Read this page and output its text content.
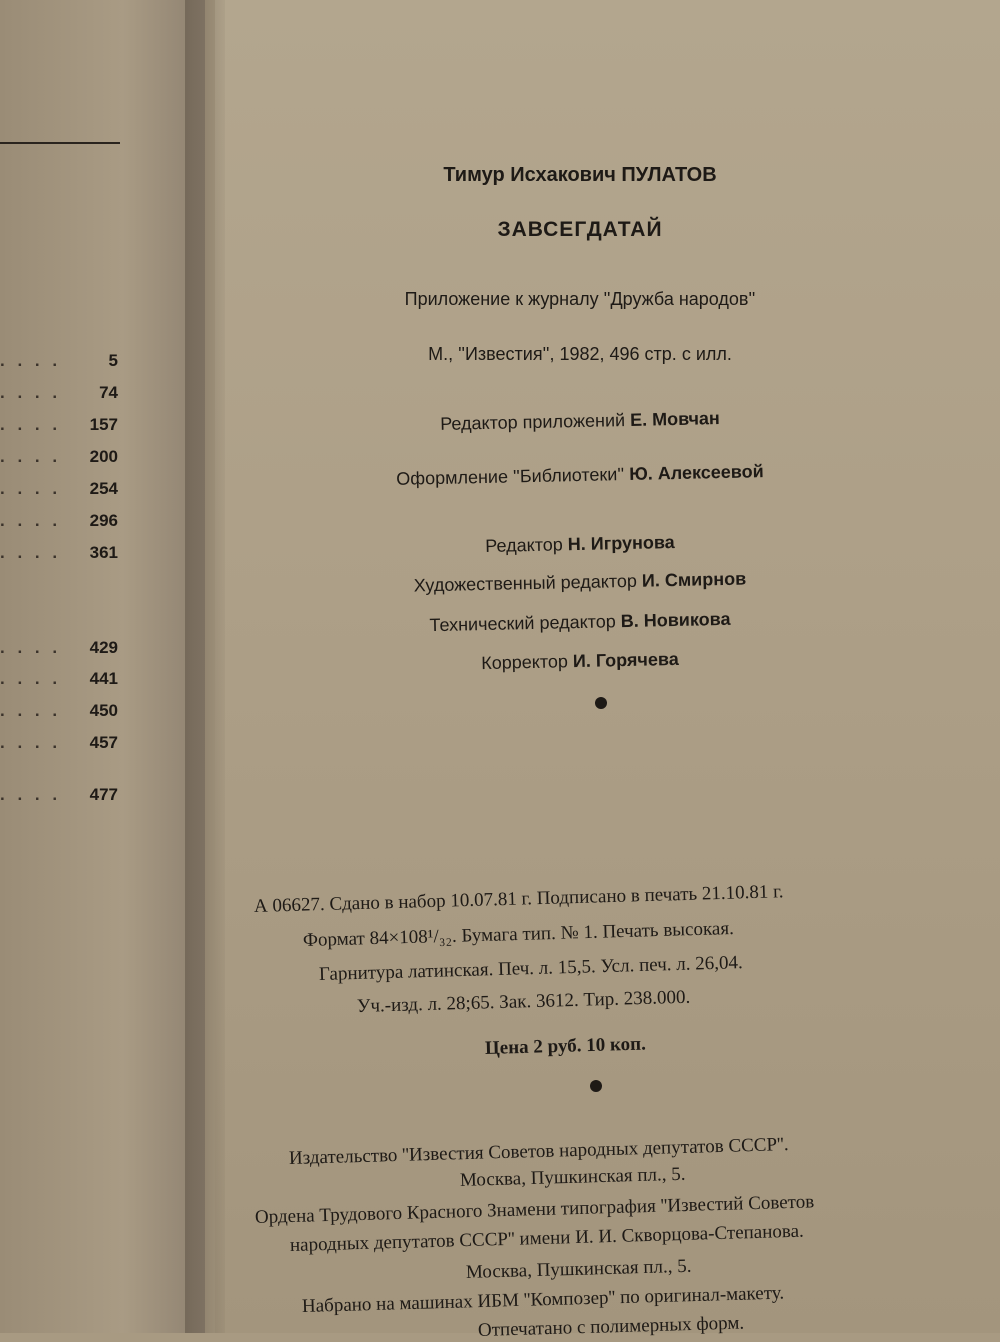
. . . .	5
. . . . 74
. . . . 157
. . . . 200
. . . . 254
. . . . 296
. . . . 361
. . . . 429
. . . . 441
. . . . 450
. . . . 457
. . . . 477
Тимур Исхакович ПУЛАТОВ
ЗАВСЕГДАТАЙ
Приложение к журналу ''Дружба народов''
М., ''Известия'', 1982, 496 стр. с илл.
Редактор приложений Е. Мовчан
Оформление ''Библиотеки'' Ю. Алексеевой
Редактор Н. Игрунова
Художественный редактор И. Смирнов
Технический редактор В. Новикова
Корректор И. Горячева
А 06627. Сдано в набор 10.07.81 г. Подписано в печать 21.10.81 г.
Формат 84×108¹/₃₂. Бумага тип. № 1. Печать высокая.
Гарнитура латинская. Печ. л. 15,5. Усл. печ. л. 26,04.
Уч.-изд. л. 28;65. Зак. 3612. Тир. 238.000.
Цена 2 руб. 10 коп.
Издательство ''Известия Советов народных депутатов СССР''.
Москва, Пушкинская пл., 5.
Ордена Трудового Красного Знамени типография ''Известий Советов
народных депутатов СССР'' имени И. И. Скворцова-Степанова.
Москва, Пушкинская пл., 5.
Набрано на машинах ИБМ ''Композер'' по оригинал-макету.
Отпечатано с полимерных форм.
